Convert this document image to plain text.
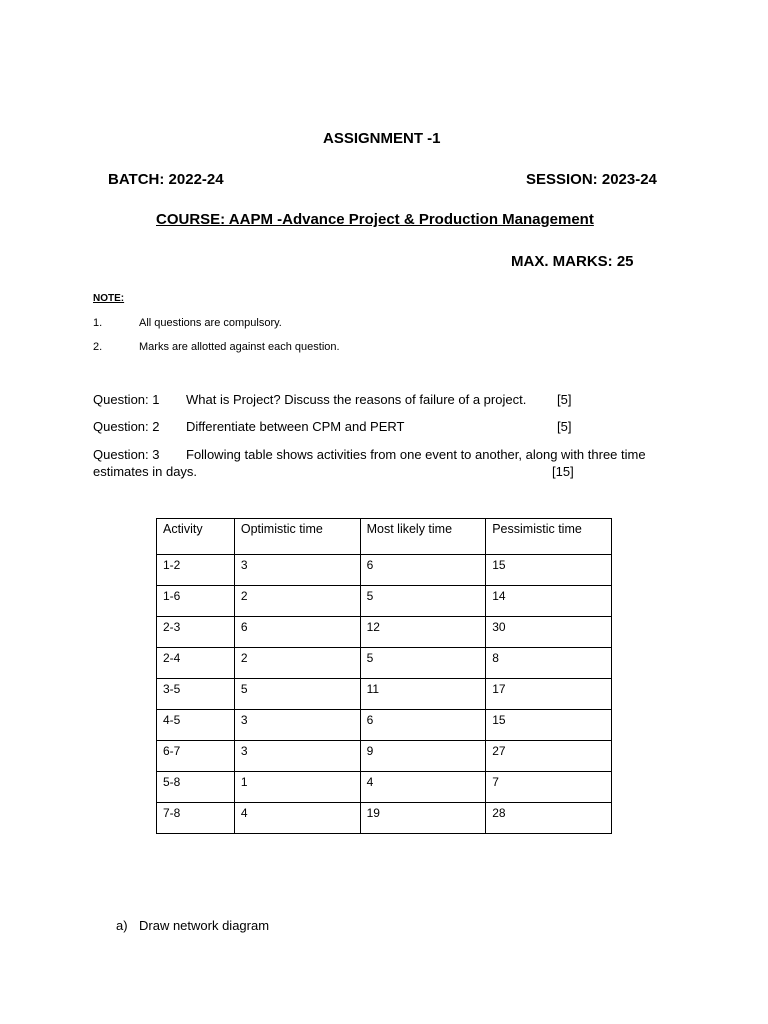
ASSIGNMENT -1
BATCH: 2022-24	SESSION: 2023-24
COURSE: AAPM -Advance Project & Production Management
MAX. MARKS: 25
NOTE:
1.	All questions are compulsory.
2.	Marks are allotted against each question.
Question: 1 What is Project? Discuss the reasons of failure of a project. [5]
Question: 2 Differentiate between CPM and PERT	[5]
Question: 3 Following table shows activities from one event to another, along with three time
estimates in days.	[15]
Activity	Optimistic time	Most likely time	Pessimistic time
1-2	3	6	15
1-6	2	5	14
2-3	6	12	30
2-4	2	5	8
3-5	5	11	17
4-5	3	6	15
6-7	3	9	27
5-8	1	4	7
7-8	4	19	28
a) Draw network diagram
